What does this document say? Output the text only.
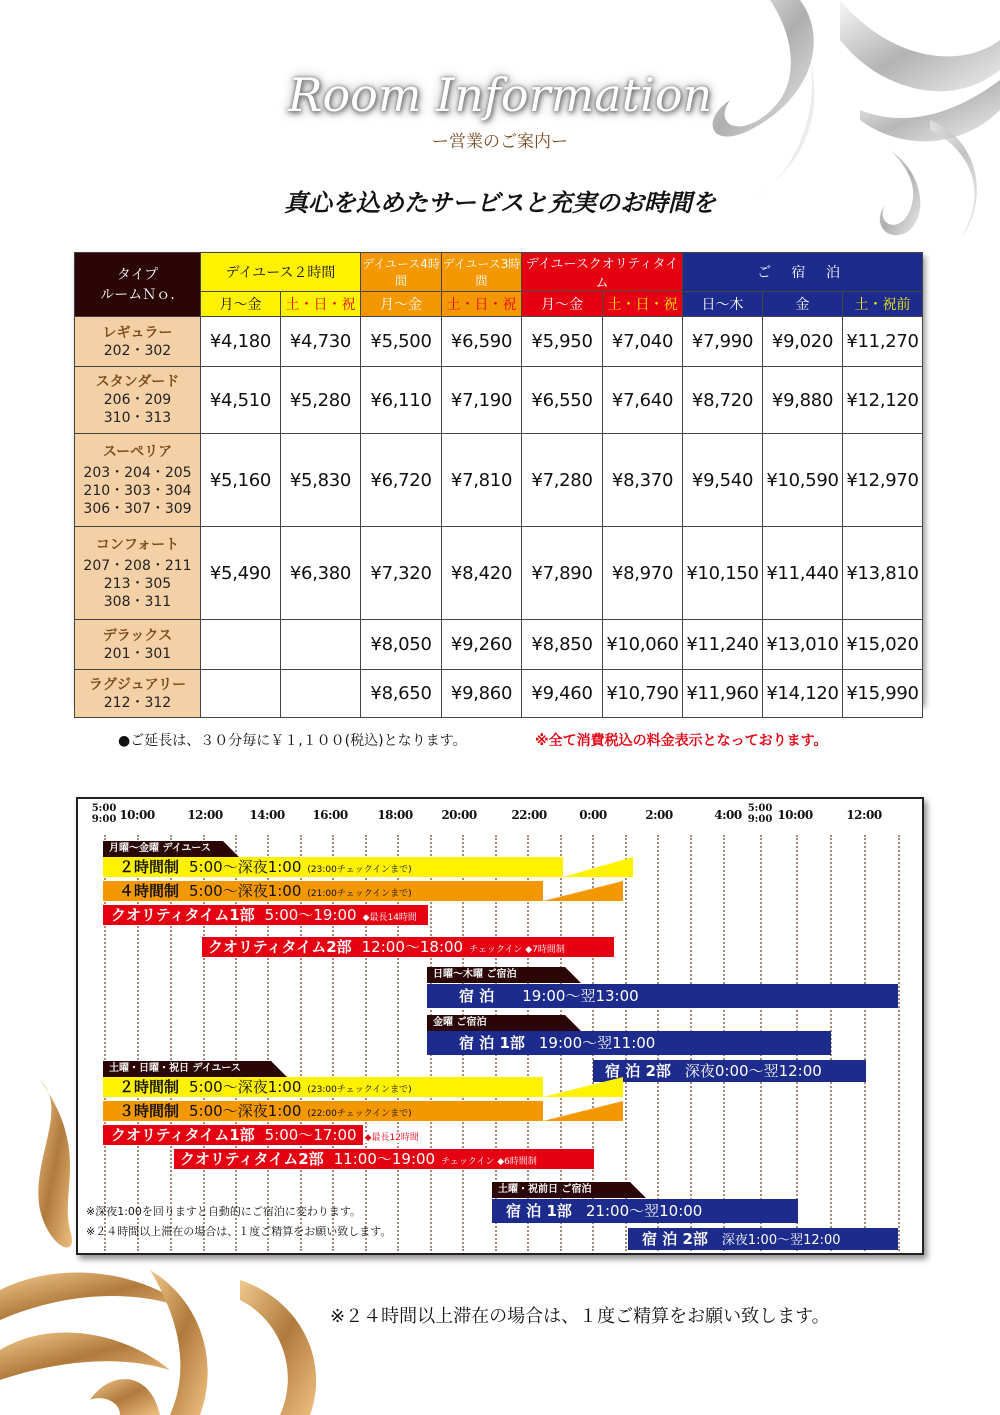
Room Information
ー営業のご案内ー
真心を込めたサービスと充実のお時間を
タイプ
ルームＮｏ.	デイユース２時間		デイユース4時間	デイユース3時間	デイユースクオリティタイム		ご 宿 泊		
	月〜金	土・日・祝	月〜金	土・日・祝	月〜金	土・日・祝	日〜木	金	土・祝前

レギュラー
202・302	¥4,180	¥4,730	¥5,500	¥6,590	¥5,950	¥7,040	¥7,990	¥9,020	¥11,270

スタンダード
206・209
310・313	¥4,510	¥5,280	¥6,110	¥7,190	¥6,550	¥7,640	¥8,720	¥9,880	¥12,120

スーペリア
203・204・205
210・303・304
306・307・309	¥5,160	¥5,830	¥6,720	¥7,810	¥7,280	¥8,370	¥9,540	¥10,590	¥12,970

コンフォート
207・208・211
213・305
308・311	¥5,490	¥6,380	¥7,320	¥8,420	¥7,890	¥8,970	¥10,150	¥11,440	¥13,810

デラックス
201・301			¥8,050	¥9,260	¥8,850	¥10,060	¥11,240	¥13,010	¥15,020

ラグジュアリー
212・312			¥8,650	¥9,860	¥9,460	¥10,790	¥11,960	¥14,120	¥15,990
●ご延長は、３０分毎に￥１,１００(税込)となります。	※全て消費税込の料金表示となっております。
5:00
9:00 10:00	12:00 14:00 16:00 18:00 20:00	22:00	0:00	2:00	4:00 5:00
9:00 10:00	12:00
月曜〜金曜 デイユース
２時間制 5:00〜深夜1:00 (23:00チェックインまで)
４時間制 5:00〜深夜1:00 (21:00チェックインまで)
クオリティタイム1部 5:00〜19:00 ◆最長14時間
クオリティタイム2部 12:00〜18:00 チェックイン ◆7時間制
日曜〜木曜 ご宿泊
宿 泊 19:00〜翌13:00
金曜 ご宿泊
宿 泊 1部 19:00〜翌11:00
宿 泊 2部 深夜0:00〜翌12:00
土曜・日曜・祝日 デイユース
２時間制 5:00〜深夜1:00 (23:00チェックインまで)
３時間制 5:00〜深夜1:00 (22:00チェックインまで)
クオリティタイム1部 5:00〜17:00 ◆最長12時間
クオリティタイム2部 11:00〜19:00 チェックイン ◆6時間制
土曜・祝前日 ご宿泊
宿 泊 1部 21:00〜翌10:00
宿 泊 2部 深夜1:00〜翌12:00
※深夜1:00を回りますと自動的にご宿泊に変わります。
※２４時間以上滞在の場合は、１度ご精算をお願い致します。
※２４時間以上滞在の場合は、１度ご精算をお願い致します。
